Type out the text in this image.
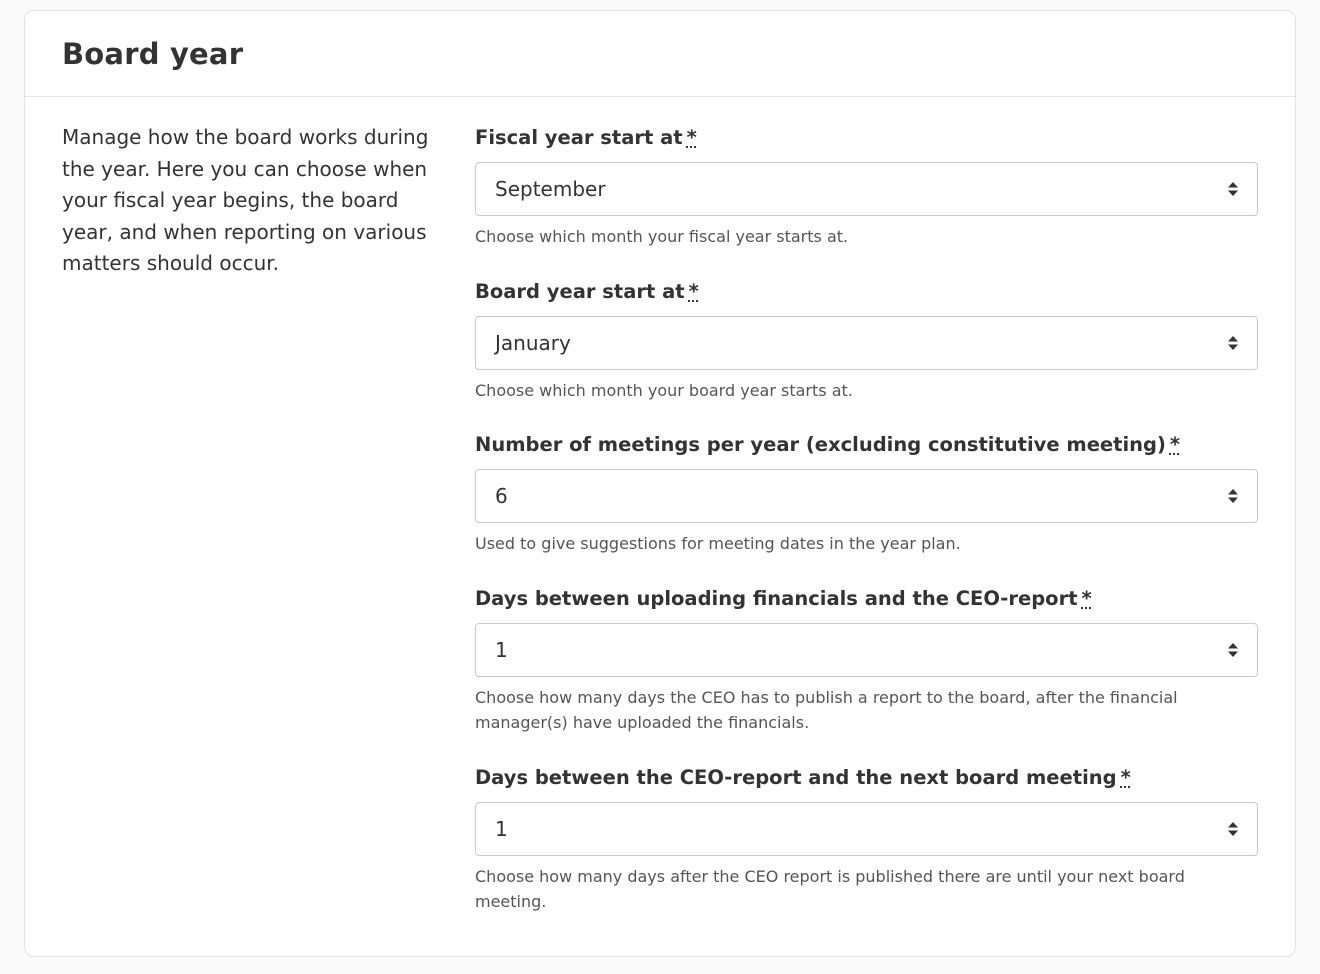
Board year

Manage how the board works during the year. Here you can choose when your fiscal year begins, the board year, and when reporting on various matters should occur.

Fiscal year start at *
September
Choose which month your fiscal year starts at.
Board year start at *
January
Choose which month your board year starts at.
Number of meetings per year (excluding constitutive meeting) *
6
Used to give suggestions for meeting dates in the year plan.
Days between uploading financials and the CEO-report *
1
Choose how many days the CEO has to publish a report to the board, after the financial manager(s) have uploaded the financials.
Days between the CEO-report and the next board meeting *
1
Choose how many days after the CEO report is published there are until your next board meeting.
